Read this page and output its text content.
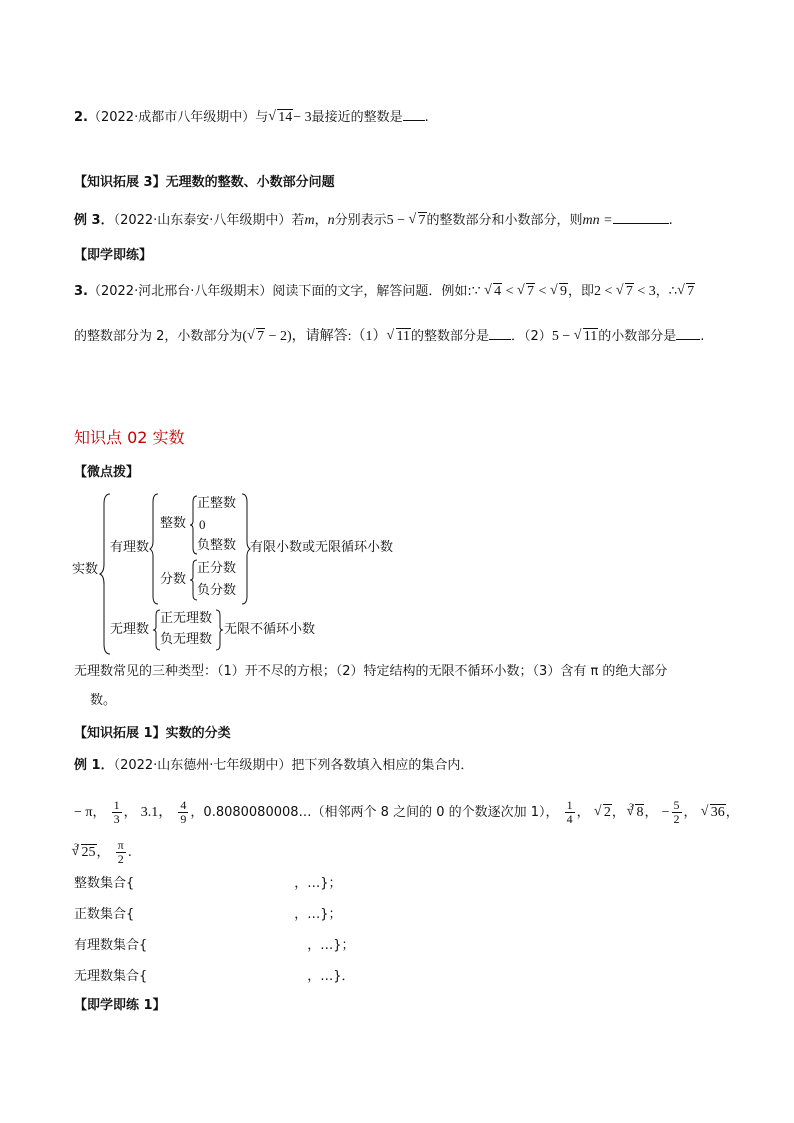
2.（2022·成都市八年级期中）与 √ 14− 3最接近的整数是 .
【知识拓展 3】无理数的整数、小数部分问题
例 3．（2022·山东泰安·八年级期中）若m，n分别表示5 − √ 7的整数部分和小数部分，则mn =	.
【即学即练】
3.（2022·河北邢台·八年级期末）阅读下面的文字，解答问题．例如:∵ √ 4 < √ 7 < √ 9，即2 < √ 7 < 3，∴ √ 7
的整数部分为 2，小数部分为( √ 7 − 2)，请解答:（1） √ 11的整数部分是 ．（2）5 − √ 11的小数部分是 .
知识点 02 实数
【微点拨】
实数
有理数
整数
正整数
0
负整数
分数
正分数
负分数
有限小数或无限循环小数
无理数
正无理数
负无理数
无限不循环小数
无理数常见的三种类型：（1）开不尽的方根；（2）特定结构的无限不循环小数；（3）含有 π 的绝大部分
数。
【知识拓展 1】实数的分类
例 1．（2022·山东德州·七年级期中）把下列各数填入相应的集合内．
− π， $\frac{1}{3}$ ， 3.1， $\frac{4}{9}$ ，0.8080080008…（相邻两个 8 之间的 0 的个数逐次加 1）， $\frac{1}{4}$ ， √ 2， $^3$ √ 8， − $\frac{5}{2}$ ， √ 36，
$^3$ √ 25， $\frac{\pi}{2}$ .
整数集合{	，…}；
正数集合{	，…}；
有理数集合{	，…}；
无理数集合{	，…}．
【即学即练 1】
